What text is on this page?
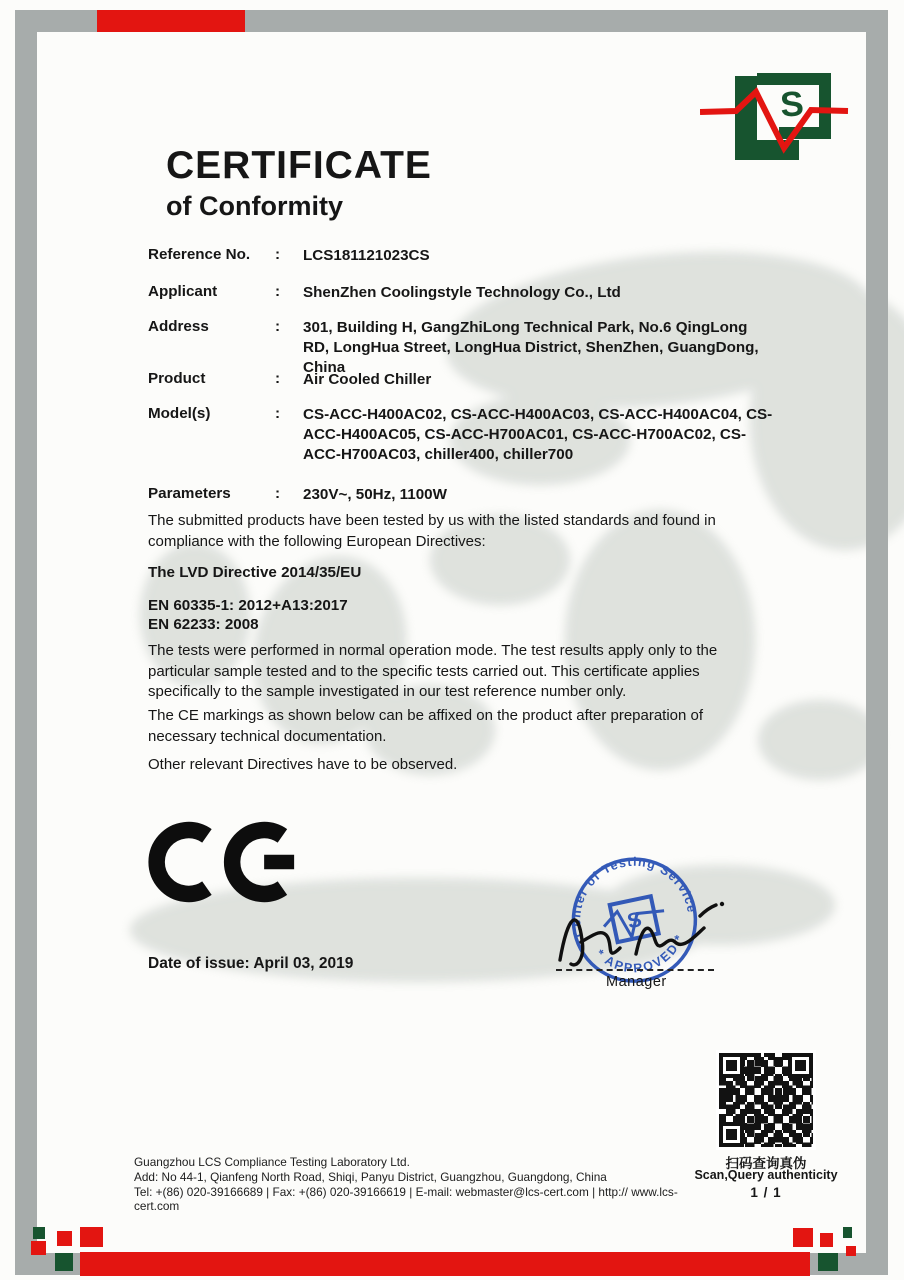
S
CERTIFICATE
of Conformity
Reference No.	:	LCS181121023CS
Applicant	:	ShenZhen Coolingstyle Technology Co., Ltd
Address	:	301, Building H, GangZhiLong Technical Park, No.6 QingLong RD, LongHua Street, LongHua District, ShenZhen, GuangDong, China
Product	:	Air Cooled Chiller
Model(s)	:	CS-ACC-H400AC02, CS-ACC-H400AC03, CS-ACC-H400AC04, CS-ACC-H400AC05, CS-ACC-H700AC01, CS-ACC-H700AC02, CS-ACC-H700AC03, chiller400, chiller700
Parameters	:	230V~, 50Hz, 1100W
The submitted products have been tested by us with the listed standards and found in compliance with the following European Directives:
The LVD Directive 2014/35/EU
EN 60335-1: 2012+A13:2017
EN 62233: 2008
The tests were performed in normal operation mode. The test results apply only to the particular sample tested and to the specific tests carried out. This certificate applies specifically to the sample investigated in our test reference number only.
The CE markings as shown below can be affixed on the product after preparation of necessary technical documentation.
Other relevant Directives have to be observed.
Date of issue: April 03, 2019
Center of Testing Service
* APPROVED *
S
Manager
扫码查询真伪
Scan,Query authenticity
1 / 1
Guangzhou LCS Compliance Testing Laboratory Ltd.
Add: No 44-1, Qianfeng North Road, Shiqi, Panyu District, Guangzhou, Guangdong, China
Tel: +(86) 020-39166689 | Fax: +(86) 020-39166619 | E-mail: webmaster@lcs-cert.com | http:// www.lcs-cert.com
